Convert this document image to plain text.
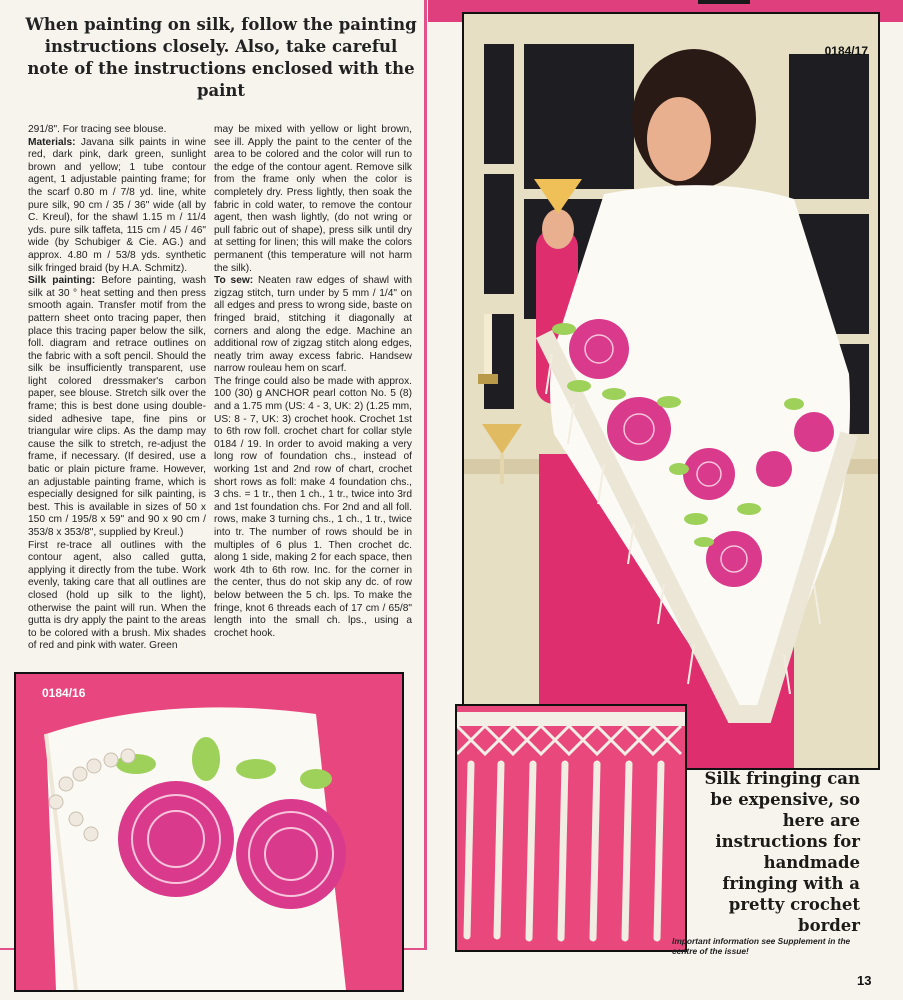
When painting on silk, follow the painting instructions closely. Also, take careful note of the instructions enclosed with the paint

291/8". For tracing see blouse.

Materials: Javana silk paints in wine red, dark pink, dark green, sunlight brown and yellow; 1 tube contour agent, 1 adjustable painting frame; for the scarf 0.80 m / 7/8 yd. line, white pure silk, 90 cm / 35 / 36" wide (all by C. Kreul), for the shawl 1.15 m / 11/4 yds. pure silk taffeta, 115 cm / 45 / 46" wide (by Schubiger & Cie. AG.) and approx. 4.80 m / 53/8 yds. synthetic silk fringed braid (by H.A. Schmitz).

Silk painting: Before painting, wash silk at 30 ° heat setting and then press smooth again. Transfer motif from the pattern sheet onto tracing paper, then place this tracing paper below the silk, foll. diagram and retrace outlines on the fabric with a soft pencil. Should the silk be insufficiently transparent, use light colored dressmaker's carbon paper, see blouse. Stretch silk over the frame; this is best done using double-sided adhesive tape, fine pins or triangular wire clips. As the damp may cause the silk to stretch, re-adjust the frame, if necessary. (If desired, use a batic or plain picture frame. However, an adjustable painting frame, which is especially designed for silk painting, is best. This is available in sizes of 50 x 150 cm / 195/8 x 59" and 90 x 90 cm / 353/8 x 353/8", supplied by Kreul.)

First re-trace all outlines with the contour agent, also called gutta, applying it directly from the tube. Work evenly, taking care that all outlines are closed (hold up silk to the light), otherwise the paint will run. When the gutta is dry apply the paint to the areas to be colored with a brush. Mix shades of red and pink with water. Green

may be mixed with yellow or light brown, see ill. Apply the paint to the center of the area to be colored and the color will run to the edge of the contour agent. Remove silk from the frame only when the color is completely dry. Press lightly, then soak the fabric in cold water, to remove the contour agent, then wash lightly, (do not wring or pull fabric out of shape), press silk until dry at setting for linen; this will make the colors permanent (this temperature will not harm the silk).

To sew: Neaten raw edges of shawl with zigzag stitch, turn under by 5 mm / 1/4" on all edges and press to wrong side, baste on fringed braid, stitching it diagonally at corners and along the edge. Machine an additional row of zigzag stitch along edges, neatly trim away excess fabric. Handsew narrow rouleau hem on scarf.

The fringe could also be made with approx. 100 (30) g ANCHOR pearl cotton No. 5 (8) and a 1.75 mm (US: 4 - 3, UK: 2) (1.25 mm, US: 8 - 7, UK: 3) crochet hook. Crochet 1st to 6th row foll. crochet chart for collar style 0184 / 19. In order to avoid making a very long row of foundation chs., instead of working 1st and 2nd row of chart, crochet short rows as foll: make 4 foundation chs., 3 chs. = 1 tr., then 1 ch., 1 tr., twice into 3rd and 1st foundation chs. For 2nd and all foll. rows, make 3 turning chs., 1 ch., 1 tr., twice into tr. The number of rows should be in multiples of 6 plus 1. Then crochet dc. along 1 side, making 2 for each space, then work 4th to 6th row. Inc. for the corner in the center, thus do not skip any dc. of row below between the 5 ch. lps. To make the fringe, knot 6 threads each of 17 cm / 65/8" length into the small ch. lps., using a crochet hook.

0184/17
0184/16
Silk fringing can be expensive, so here are instructions for handmade fringing with a pretty crochet border
Important information see Supplement in the centre of the issue!
13
